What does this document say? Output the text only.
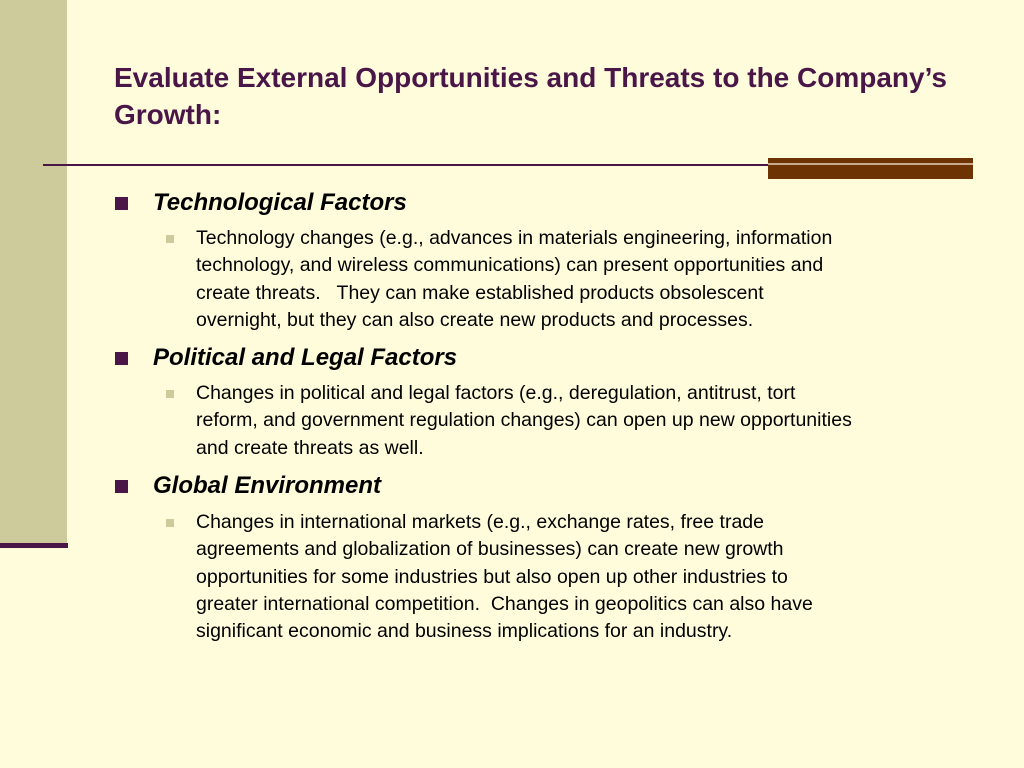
Evaluate External Opportunities and Threats to the Company’s Growth:
Technological Factors
Technology changes (e.g., advances in materials engineering, information
technology, and wireless communications) can present opportunities and
create threats.   They can make established products obsolescent
overnight, but they can also create new products and processes.
Political and Legal Factors
Changes in political and legal factors (e.g., deregulation, antitrust, tort
reform, and government regulation changes) can open up new opportunities
and create threats as well.
Global Environment
Changes in international markets (e.g., exchange rates, free trade
agreements and globalization of businesses) can create new growth
opportunities for some industries but also open up other industries to
greater international competition.  Changes in geopolitics can also have
significant economic and business implications for an industry.
